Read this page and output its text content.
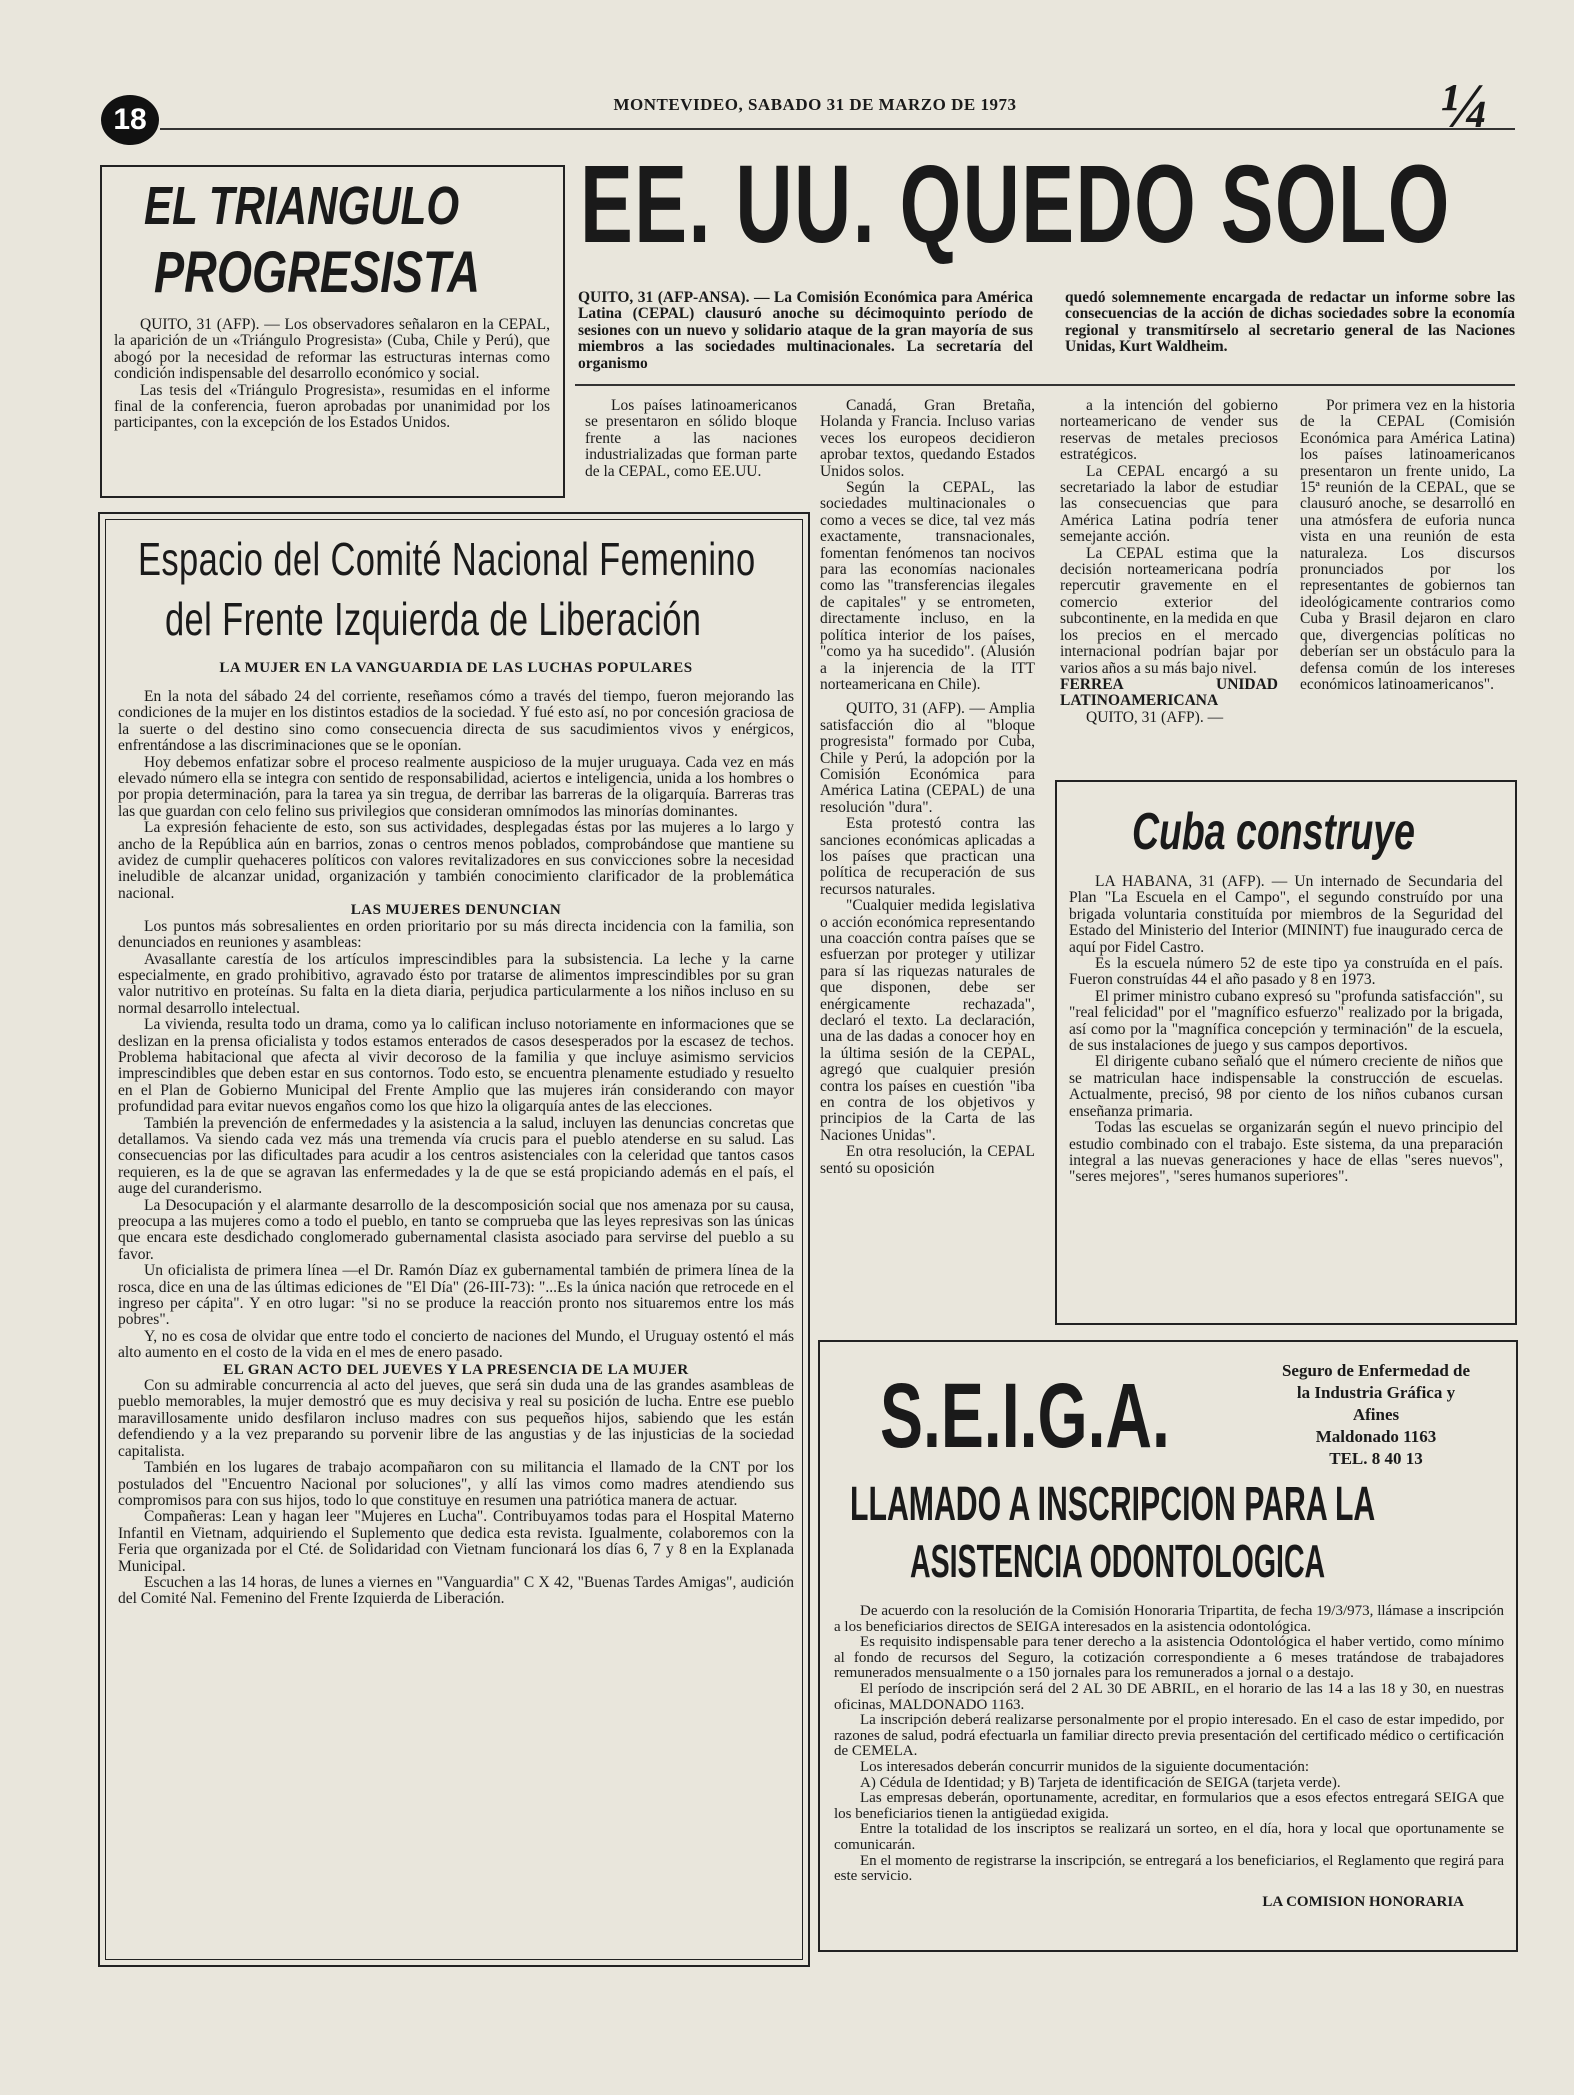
18	MONTEVIDEO, SABADO 31 DE MARZO DE 1973	¼
EL TRIANGULO
PROGRESISTA

QUITO, 31 (AFP). — Los observadores señalaron en la CEPAL, la aparición de un «Triángulo Progresista» (Cuba, Chile y Perú), que abogó por la necesidad de reformar las estructuras internas como condición indispensable del desarrollo económico y social.

Las tesis del «Triángulo Progresista», resumidas en el informe final de la conferencia, fueron aprobadas por unanimidad por los participantes, con la excepción de los Estados Unidos.

EE. UU. QUEDO SOLO
QUITO, 31 (AFP-ANSA). — La Comisión Económica para América Latina (CEPAL) clausuró anoche su décimoquinto período de sesiones con un nuevo y solidario ataque de la gran mayoría de sus miembros a las sociedades multinacionales. La secretaría del organismo
quedó solemnemente encargada de redactar un informe sobre las consecuencias de la acción de dichas sociedades sobre la economía regional y transmitírselo al secretario general de las Naciones Unidas, Kurt Waldheim.

Los países latinoamericanos se presentaron en sólido bloque frente a las naciones industrializadas que forman parte de la CEPAL, como EE.UU.

Canadá, Gran Bretaña, Holanda y Francia. Incluso varias veces los europeos decidieron aprobar textos, quedando Estados Unidos solos.

Según la CEPAL, las sociedades multinacionales o como a veces se dice, tal vez más exactamente, transnacionales, fomentan fenómenos tan nocivos para las economías nacionales como las "transferencias ilegales de capitales" y se entrometen, directamente incluso, en la política interior de los países, "como ya ha sucedido". (Alusión a la injerencia de la ITT norteamericana en Chile).

QUITO, 31 (AFP). — Amplia satisfacción dio al "bloque progresista" formado por Cuba, Chile y Perú, la adopción por la Comisión Económica para América Latina (CEPAL) de una resolución "dura".

Esta protestó contra las sanciones económicas aplicadas a los países que practican una política de recuperación de sus recursos naturales.

"Cualquier medida legislativa o acción económica representando una coacción contra países que se esfuerzan por proteger y utilizar para sí las riquezas naturales de que disponen, debe ser enérgicamente rechazada", declaró el texto. La declaración, una de las dadas a conocer hoy en la última sesión de la CEPAL, agregó que cualquier presión contra los países en cuestión "iba en contra de los objetivos y principios de la Carta de las Naciones Unidas".

En otra resolución, la CEPAL sentó su oposición

a la intención del gobierno norteamericano de vender sus reservas de metales preciosos estratégicos.

La CEPAL encargó a su secretariado la labor de estudiar las consecuencias que para América Latina podría tener semejante acción.

La CEPAL estima que la decisión norteamericana podría repercutir gravemente en el comercio exterior del subcontinente, en la medida en que los precios en el mercado internacional podrían bajar por varios años a su más bajo nivel.

FERREA UNIDAD LATINOAMERICANA

QUITO, 31 (AFP). —

Por primera vez en la historia de la CEPAL (Comisión Económica para América Latina) los países latinoamericanos presentaron un frente unido, La 15ª reunión de la CEPAL, que se clausuró anoche, se desarrolló en una atmósfera de euforia nunca vista en una reunión de esta naturaleza. Los discursos pronunciados por los representantes de gobiernos tan ideológicamente contrarios como Cuba y Brasil dejaron en claro que, divergencias políticas no deberían ser un obstáculo para la defensa común de los intereses económicos latinoamericanos".

Espacio del Comité Nacional Femenino
del Frente Izquierda de Liberación
LA MUJER EN LA VANGUARDIA DE LAS LUCHAS POPULARES

En la nota del sábado 24 del corriente, reseñamos cómo a través del tiempo, fueron mejorando las condiciones de la mujer en los distintos estadios de la sociedad. Y fué esto así, no por concesión graciosa de la suerte o del destino sino como consecuencia directa de sus sacudimientos vivos y enérgicos, enfrentándose a las discriminaciones que se le oponían.

Hoy debemos enfatizar sobre el proceso realmente auspicioso de la mujer uruguaya. Cada vez en más elevado número ella se integra con sentido de responsabilidad, aciertos e inteligencia, unida a los hombres o por propia determinación, para la tarea ya sin tregua, de derribar las barreras de la oligarquía. Barreras tras las que guardan con celo felino sus privilegios que consideran omnímodos las minorías dominantes.

La expresión fehaciente de esto, son sus actividades, desplegadas éstas por las mujeres a lo largo y ancho de la República aún en barrios, zonas o centros menos poblados, comprobándose que mantiene su avidez de cumplir quehaceres políticos con valores revitalizadores en sus convicciones sobre la necesidad ineludible de alcanzar unidad, organización y también conocimiento clarificador de la problemática nacional.

LAS MUJERES DENUNCIAN

Los puntos más sobresalientes en orden prioritario por su más directa incidencia con la familia, son denunciados en reuniones y asambleas:

Avasallante carestía de los artículos imprescindibles para la subsistencia. La leche y la carne especialmente, en grado prohibitivo, agravado ésto por tratarse de alimentos imprescindibles por su gran valor nutritivo en proteínas. Su falta en la dieta diaria, perjudica particularmente a los niños incluso en su normal desarrollo intelectual.

La vivienda, resulta todo un drama, como ya lo califican incluso notoriamente en informaciones que se deslizan en la prensa oficialista y todos estamos enterados de casos desesperados por la escasez de techos. Problema habitacional que afecta al vivir decoroso de la familia y que incluye asimismo servicios imprescindibles que deben estar en sus contornos. Todo esto, se encuentra plenamente estudiado y resuelto en el Plan de Gobierno Municipal del Frente Amplio que las mujeres irán considerando con mayor profundidad para evitar nuevos engaños como los que hizo la oligarquía antes de las elecciones.

También la prevención de enfermedades y la asistencia a la salud, incluyen las denuncias concretas que detallamos. Va siendo cada vez más una tremenda vía crucis para el pueblo atenderse en su salud. Las consecuencias por las dificultades para acudir a los centros asistenciales con la celeridad que tantos casos requieren, es la de que se agravan las enfermedades y la de que se está propiciando además en el país, el auge del curanderismo.

La Desocupación y el alarmante desarrollo de la descomposición social que nos amenaza por su causa, preocupa a las mujeres como a todo el pueblo, en tanto se comprueba que las leyes represivas son las únicas que encara este desdichado conglomerado gubernamental clasista asociado para servirse del pueblo a su favor.

Un oficialista de primera línea —el Dr. Ramón Díaz ex gubernamental también de primera línea de la rosca, dice en una de las últimas ediciones de "El Día" (26-III-73): "...Es la única nación que retrocede en el ingreso per cápita". Y en otro lugar: "si no se produce la reacción pronto nos situaremos entre los más pobres".

Y, no es cosa de olvidar que entre todo el concierto de naciones del Mundo, el Uruguay ostentó el más alto aumento en el costo de la vida en el mes de enero pasado.

EL GRAN ACTO DEL JUEVES Y LA PRESENCIA DE LA MUJER

Con su admirable concurrencia al acto del jueves, que será sin duda una de las grandes asambleas de pueblo memorables, la mujer demostró que es muy decisiva y real su posición de lucha. Entre ese pueblo maravillosamente unido desfilaron incluso madres con sus pequeños hijos, sabiendo que les están defendiendo y a la vez preparando su porvenir libre de las angustias y de las injusticias de la sociedad capitalista.

También en los lugares de trabajo acompañaron con su militancia el llamado de la CNT por los postulados del "Encuentro Nacional por soluciones", y allí las vimos como madres atendiendo sus compromisos para con sus hijos, todo lo que constituye en resumen una patriótica manera de actuar.

Compañeras: Lean y hagan leer "Mujeres en Lucha". Contribuyamos todas para el Hospital Materno Infantil en Vietnam, adquiriendo el Suplemento que dedica esta revista. Igualmente, colaboremos con la Feria que organizada por el Cté. de Solidaridad con Vietnam funcionará los días 6, 7 y 8 en la Explanada Municipal.

Escuchen a las 14 horas, de lunes a viernes en "Vanguardia" C X 42, "Buenas Tardes Amigas", audición del Comité Nal. Femenino del Frente Izquierda de Liberación.

Cuba construye

LA HABANA, 31 (AFP). — Un internado de Secundaria del Plan "La Escuela en el Campo", el segundo construído por una brigada voluntaria constituída por miembros de la Seguridad del Estado del Ministerio del Interior (MININT) fue inaugurado cerca de aquí por Fidel Castro.

Es la escuela número 52 de este tipo ya construída en el país. Fueron construídas 44 el año pasado y 8 en 1973.

El primer ministro cubano expresó su "profunda satisfacción", su "real felicidad" por el "magnífico esfuerzo" realizado por la brigada, así como por la "magnífica concepción y terminación" de la escuela, de sus instalaciones de juego y sus campos deportivos.

El dirigente cubano señaló que el número creciente de niños que se matriculan hace indispensable la construcción de escuelas. Actualmente, precisó, 98 por ciento de los niños cubanos cursan enseñanza primaria.

Todas las escuelas se organizarán según el nuevo principio del estudio combinado con el trabajo. Este sistema, da una preparación integral a las nuevas generaciones y hace de ellas "seres nuevos", "seres mejores", "seres humanos superiores".

S.E.I.G.A.	Seguro de Enfermedad de
la Industria Gráfica y
Afines
Maldonado 1163
TEL. 8 40 13
LLAMADO A INSCRIPCION PARA LA
ASISTENCIA ODONTOLOGICA

De acuerdo con la resolución de la Comisión Honoraria Tripartita, de fecha 19/3/973, llámase a inscripción a los beneficiarios directos de SEIGA interesados en la asistencia odontológica.

Es requisito indispensable para tener derecho a la asistencia Odontológica el haber vertido, como mínimo al fondo de recursos del Seguro, la cotización correspondiente a 6 meses tratándose de trabajadores remunerados mensualmente o a 150 jornales para los remunerados a jornal o a destajo.

El período de inscripción será del 2 AL 30 DE ABRIL, en el horario de las 14 a las 18 y 30, en nuestras oficinas, MALDONADO 1163.

La inscripción deberá realizarse personalmente por el propio interesado. En el caso de estar impedido, por razones de salud, podrá efectuarla un familiar directo previa presentación del certificado médico o certificación de CEMELA.

Los interesados deberán concurrir munidos de la siguiente documentación:

A) Cédula de Identidad; y B) Tarjeta de identificación de SEIGA (tarjeta verde).

Las empresas deberán, oportunamente, acreditar, en formularios que a esos efectos entregará SEIGA que los beneficiarios tienen la antigüedad exigida.

Entre la totalidad de los inscriptos se realizará un sorteo, en el día, hora y local que oportunamente se comunicarán.

En el momento de registrarse la inscripción, se entregará a los beneficiarios, el Reglamento que regirá para este servicio.

LA COMISION HONORARIA
